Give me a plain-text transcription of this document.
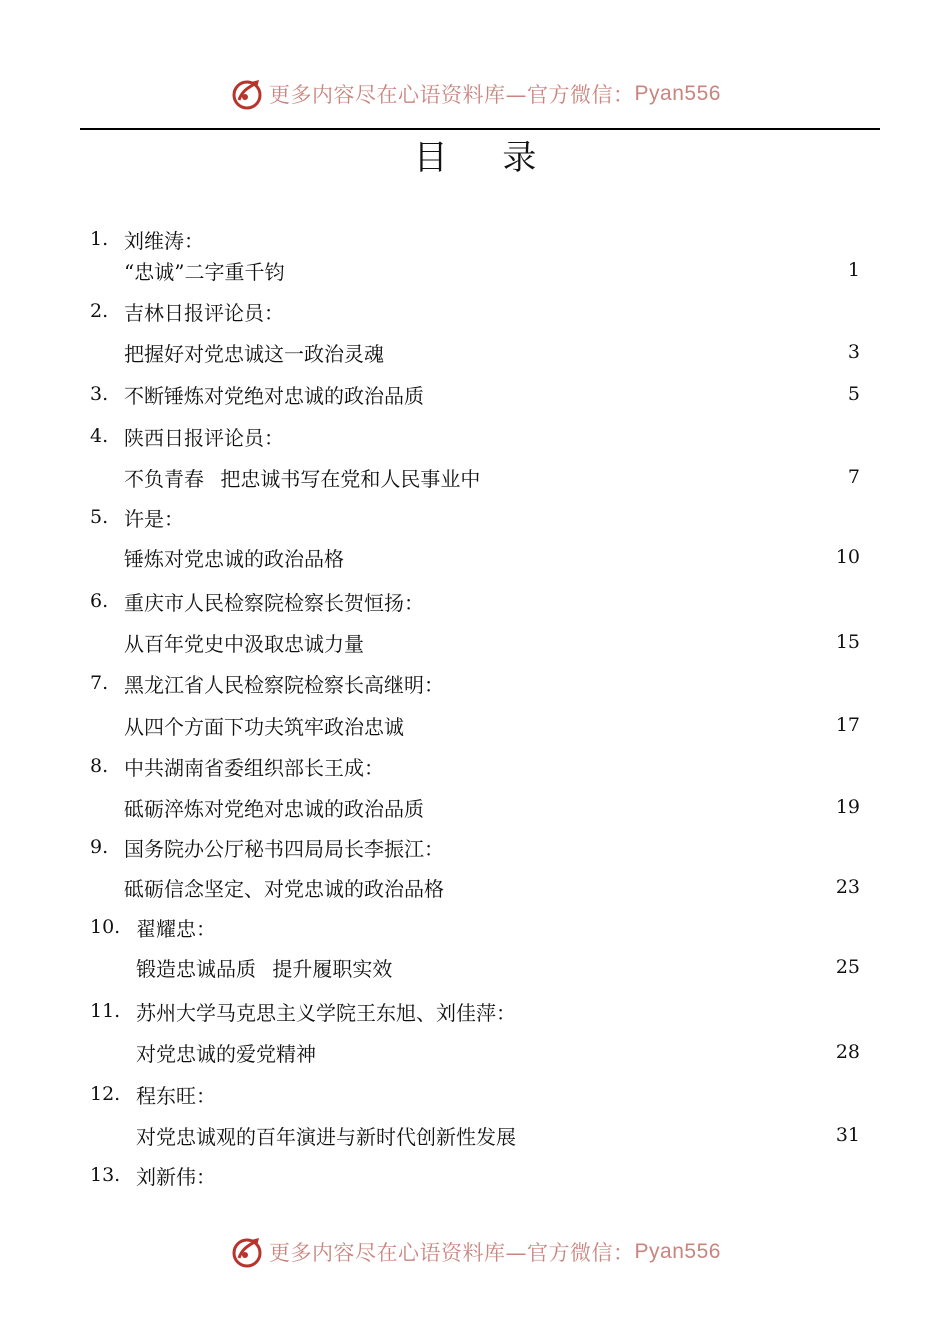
更多内容尽在心语资料库—官方微信： Pyan556
目 录
1. 刘维涛：
“忠诚”二字重千钧	1
2. 吉林日报评论员：
把握好对党忠诚这一政治灵魂	3
3. 不断锤炼对党绝对忠诚的政治品质	5
4. 陕西日报评论员：
不负青春 把忠诚书写在党和人民事业中	7
5. 许是：
锤炼对党忠诚的政治品格	10
6. 重庆市人民检察院检察长贺恒扬：
从百年党史中汲取忠诚力量	15
7. 黑龙江省人民检察院检察长高继明：
从四个方面下功夫筑牢政治忠诚	17
8. 中共湖南省委组织部长王成：
砥砺淬炼对党绝对忠诚的政治品质	19
9. 国务院办公厅秘书四局局长李振江：
砥砺信念坚定、对党忠诚的政治品格	23
10. 翟耀忠：
锻造忠诚品质 提升履职实效	25
11. 苏州大学马克思主义学院王东旭、刘佳萍：
对党忠诚的爱党精神	28
12. 程东旺：
对党忠诚观的百年演进与新时代创新性发展	31
13. 刘新伟：
更多内容尽在心语资料库—官方微信： Pyan556
